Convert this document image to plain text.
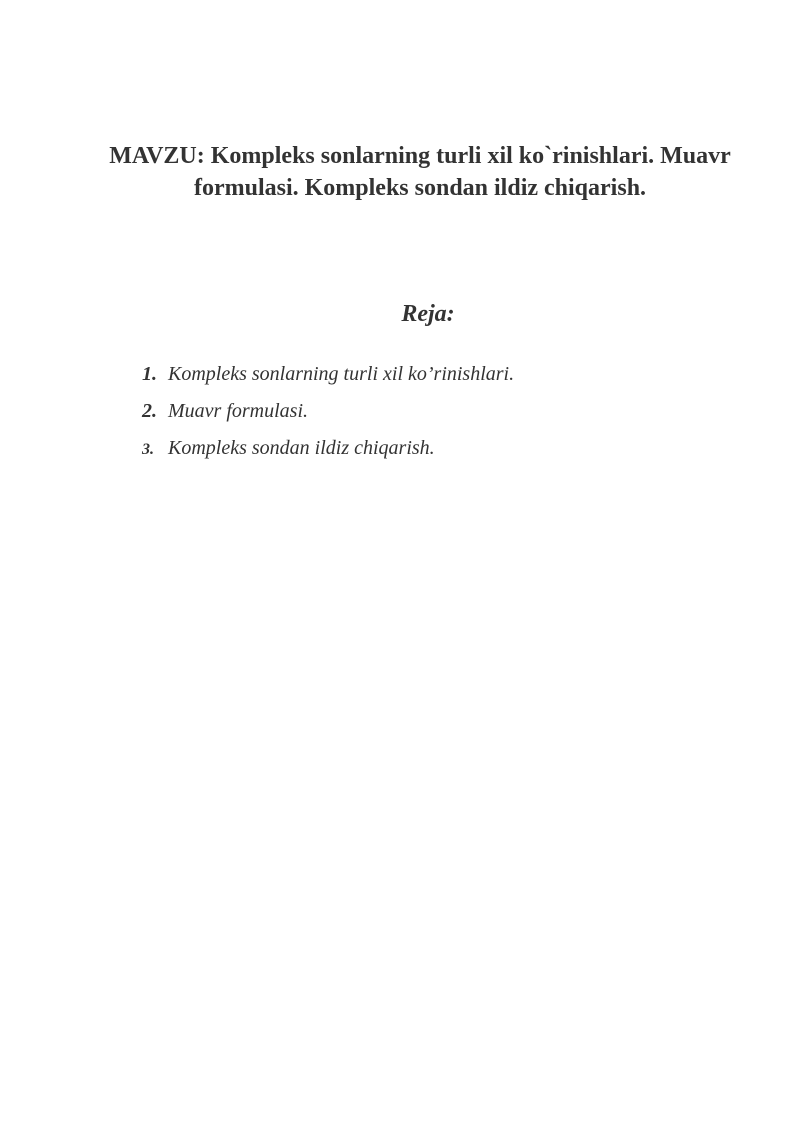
MAVZU: Kompleks sonlarning turli xil ko`rinishlari. Muavr
formulasi. Kompleks sondan ildiz chiqarish.
Reja:
1. Kompleks sonlarning turli xil ko’rinishlari.
2. Muavr formulasi.
3. Kompleks sondan ildiz chiqarish.
